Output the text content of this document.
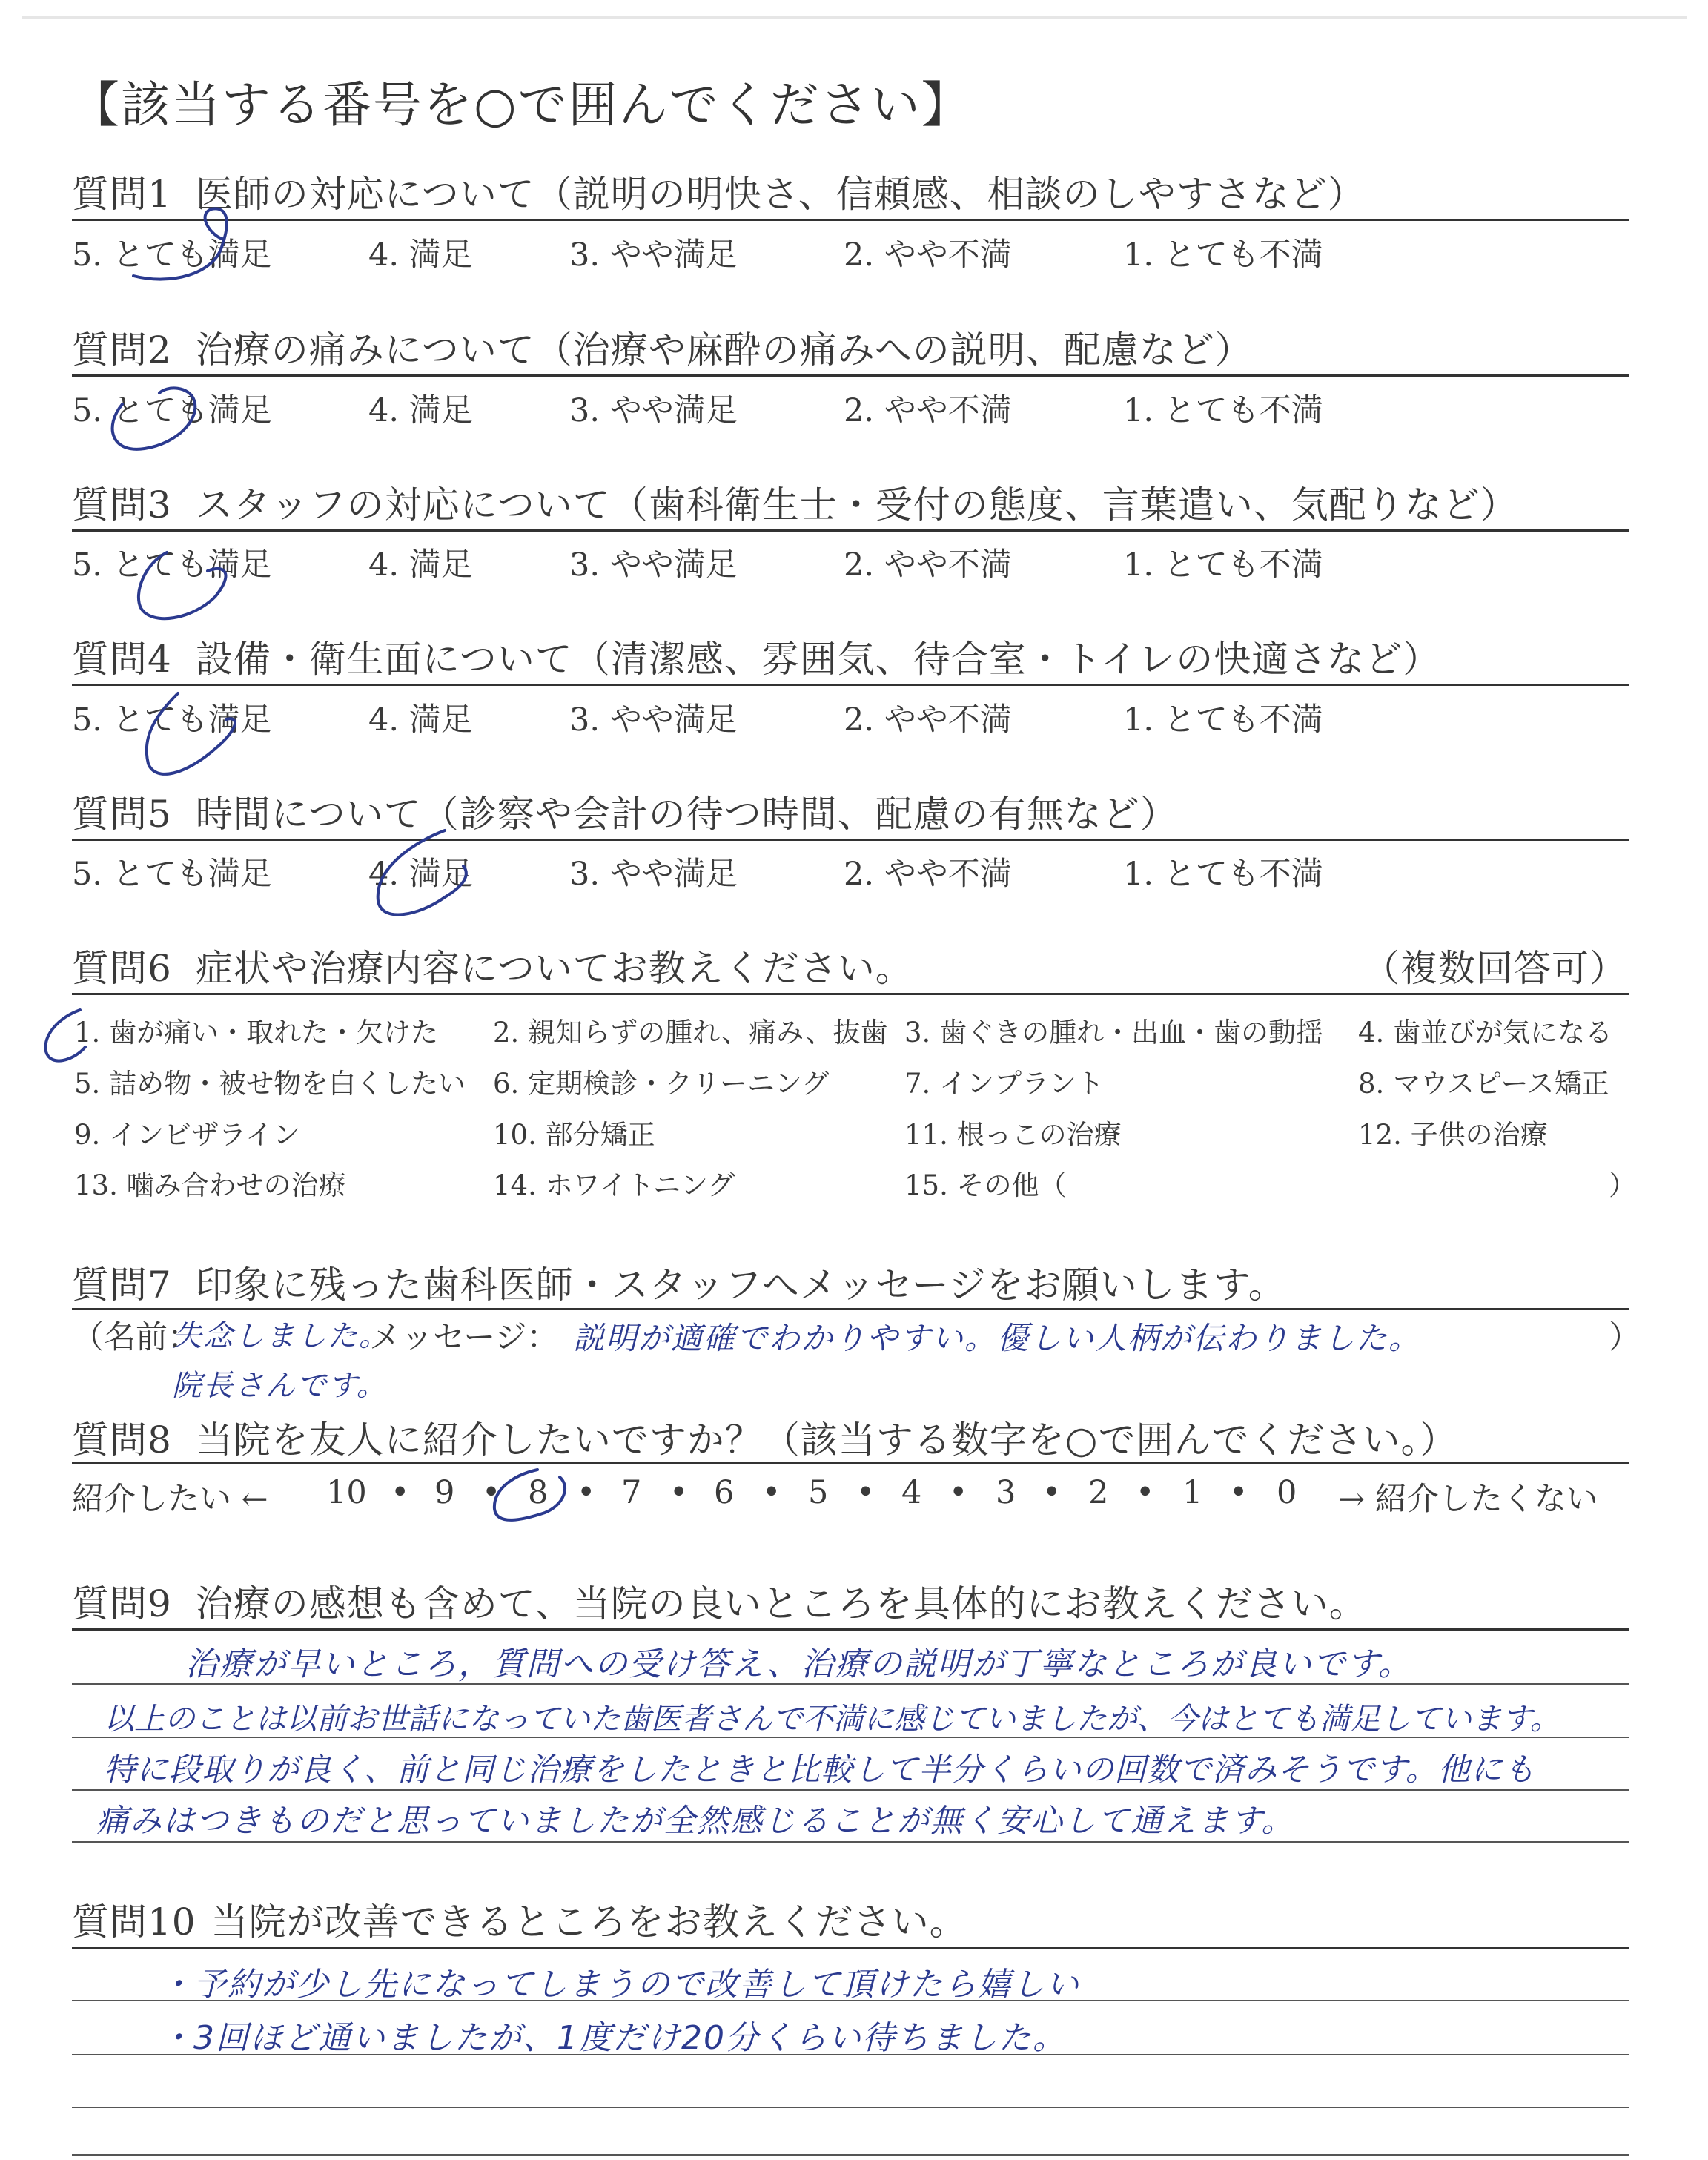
【該当する番号を○で囲んでください】
質問1 医師の対応について（説明の明快さ、信頼感、相談のしやすさなど）
5. とても満足	4. 満足	3. やや満足	2. やや不満	1. とても不満
質問2 治療の痛みについて（治療や麻酔の痛みへの説明、配慮など）
5. とても満足	4. 満足	3. やや満足	2. やや不満	1. とても不満
質問3 スタッフの対応について（歯科衛生士・受付の態度、言葉遣い、気配りなど）
5. とても満足	4. 満足	3. やや満足	2. やや不満	1. とても不満
質問4 設備・衛生面について（清潔感、雰囲気、待合室・トイレの快適さなど）
5. とても満足	4. 満足	3. やや満足	2. やや不満	1. とても不満
質問5 時間について（診察や会計の待つ時間、配慮の有無など）
5. とても満足	4. 満足	3. やや満足	2. やや不満	1. とても不満
質問6 症状や治療内容についてお教えください。	（複数回答可）
1. 歯が痛い・取れた・欠けた 2. 親知らずの腫れ、痛み、抜歯 3. 歯ぐきの腫れ・出血・歯の動揺 4. 歯並びが気になる
5. 詰め物・被せ物を白くしたい 6. 定期検診・クリーニング	7. インプラント	8. マウスピース矯正
9. インビザライン	10. 部分矯正	11. 根っこの治療	12. 子供の治療
13. 噛み合わせの治療	14. ホワイトニング	15. その他（	）
質問7 印象に残った歯科医師・スタッフへメッセージをお願いします。
（名前：
失念しました。
院長さんです。
メッセージ： 説明が適確でわかりやすい。優しい人柄が伝わりました。	）
質問8 当院を友人に紹介したいですか？（該当する数字を○で囲んでください。）
紹介したい ← 10 • 9 • 8 • 7 • 6 • 5 • 4 • 3 • 2 • 1 • 0 → 紹介したくない
質問9 治療の感想も含めて、当院の良いところを具体的にお教えください。
治療が早いところ，質問への受け答え、治療の説明が丁寧なところが良いです。
以上のことは以前お世話になっていた歯医者さんで不満に感じていましたが、今はとても満足しています。
特に段取りが良く、前と同じ治療をしたときと比較して半分くらいの回数で済みそうです。他にも
痛みはつきものだと思っていましたが全然感じることが無く安心して通えます。
質問10 当院が改善できるところをお教えください。
・予約が少し先になってしまうので改善して頂けたら嬉しい
・3回ほど通いましたが、1度だけ20分くらい待ちました。
